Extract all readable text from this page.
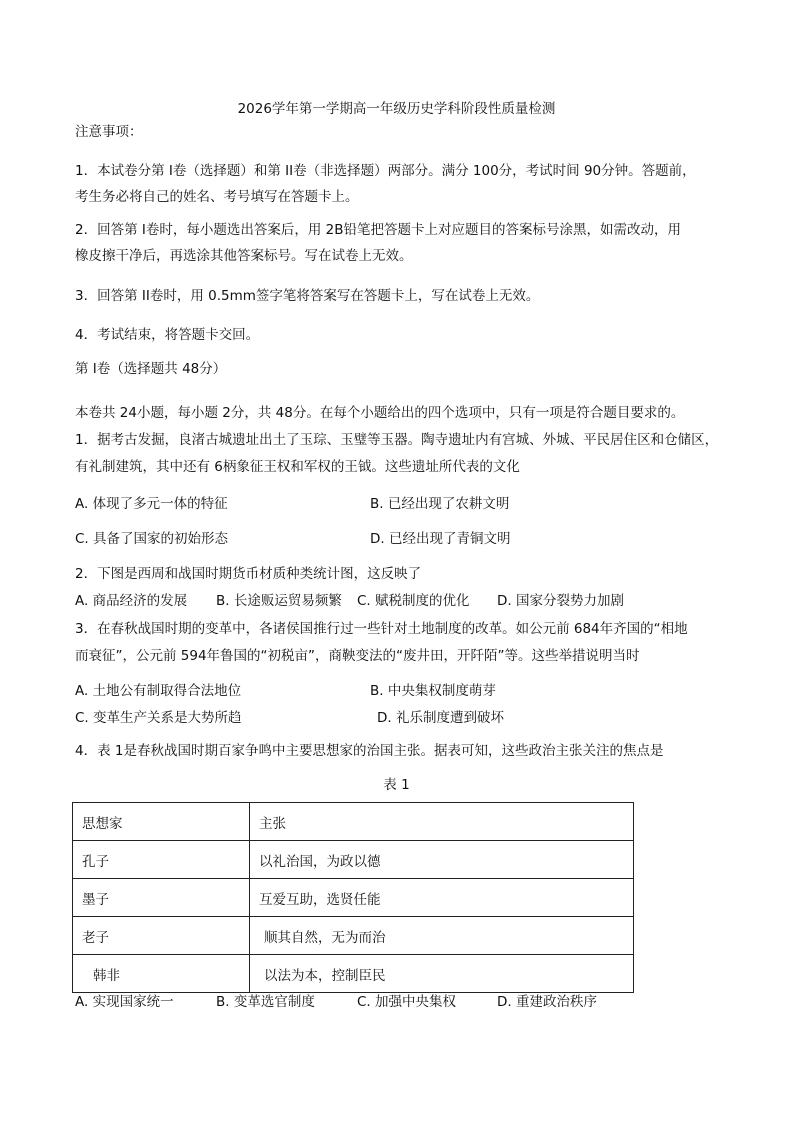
2026学年第一学期高一年级历史学科阶段性质量检测
注意事项：
1．本试卷分第 I卷（选择题）和第 II卷（非选择题）两部分。满分 100分，考试时间 90分钟。答题前，
考生务必将自己的姓名、考号填写在答题卡上。
2．回答第 I卷时，每小题选出答案后，用 2B铅笔把答题卡上对应题目的答案标号涂黑，如需改动，用
橡皮擦干净后，再选涂其他答案标号。写在试卷上无效。
3．回答第 II卷时，用 0.5mm签字笔将答案写在答题卡上，写在试卷上无效。
4．考试结束，将答题卡交回。
第 I卷（选择题共 48分）
本卷共 24小题，每小题 2分，共 48分。在每个小题给出的四个选项中，只有一项是符合题目要求的。
1．据考古发掘，良渚古城遗址出土了玉琮、玉璧等玉器。陶寺遗址内有宫城、外城、平民居住区和仓储区，
有礼制建筑，其中还有 6柄象征王权和军权的王钺。这些遗址所代表的文化
A. 体现了多元一体的特征	B. 已经出现了农耕文明
C. 具备了国家的初始形态	D. 已经出现了青铜文明
2．下图是西周和战国时期货币材质种类统计图，这反映了
A. 商品经济的发展 B. 长途贩运贸易频繁 C. 赋税制度的优化 D. 国家分裂势力加剧
3．在春秋战国时期的变革中，各诸侯国推行过一些针对土地制度的改革。如公元前 684年齐国的“相地
而衰征”，公元前 594年鲁国的“初税亩”，商鞅变法的“废井田，开阡陌”等。这些举措说明当时
A. 土地公有制取得合法地位	B. 中央集权制度萌芽
C. 变革生产关系是大势所趋	D. 礼乐制度遭到破坏
4．表 1是春秋战国时期百家争鸣中主要思想家的治国主张。据表可知，这些政治主张关注的焦点是
表 1
思想家	主张
孔子	以礼治国，为政以德
墨子	互爱互助，选贤任能
老子	顺其自然，无为而治
韩非	以法为本，控制臣民
A. 实现国家统一	B. 变革选官制度	C. 加强中央集权	D. 重建政治秩序
